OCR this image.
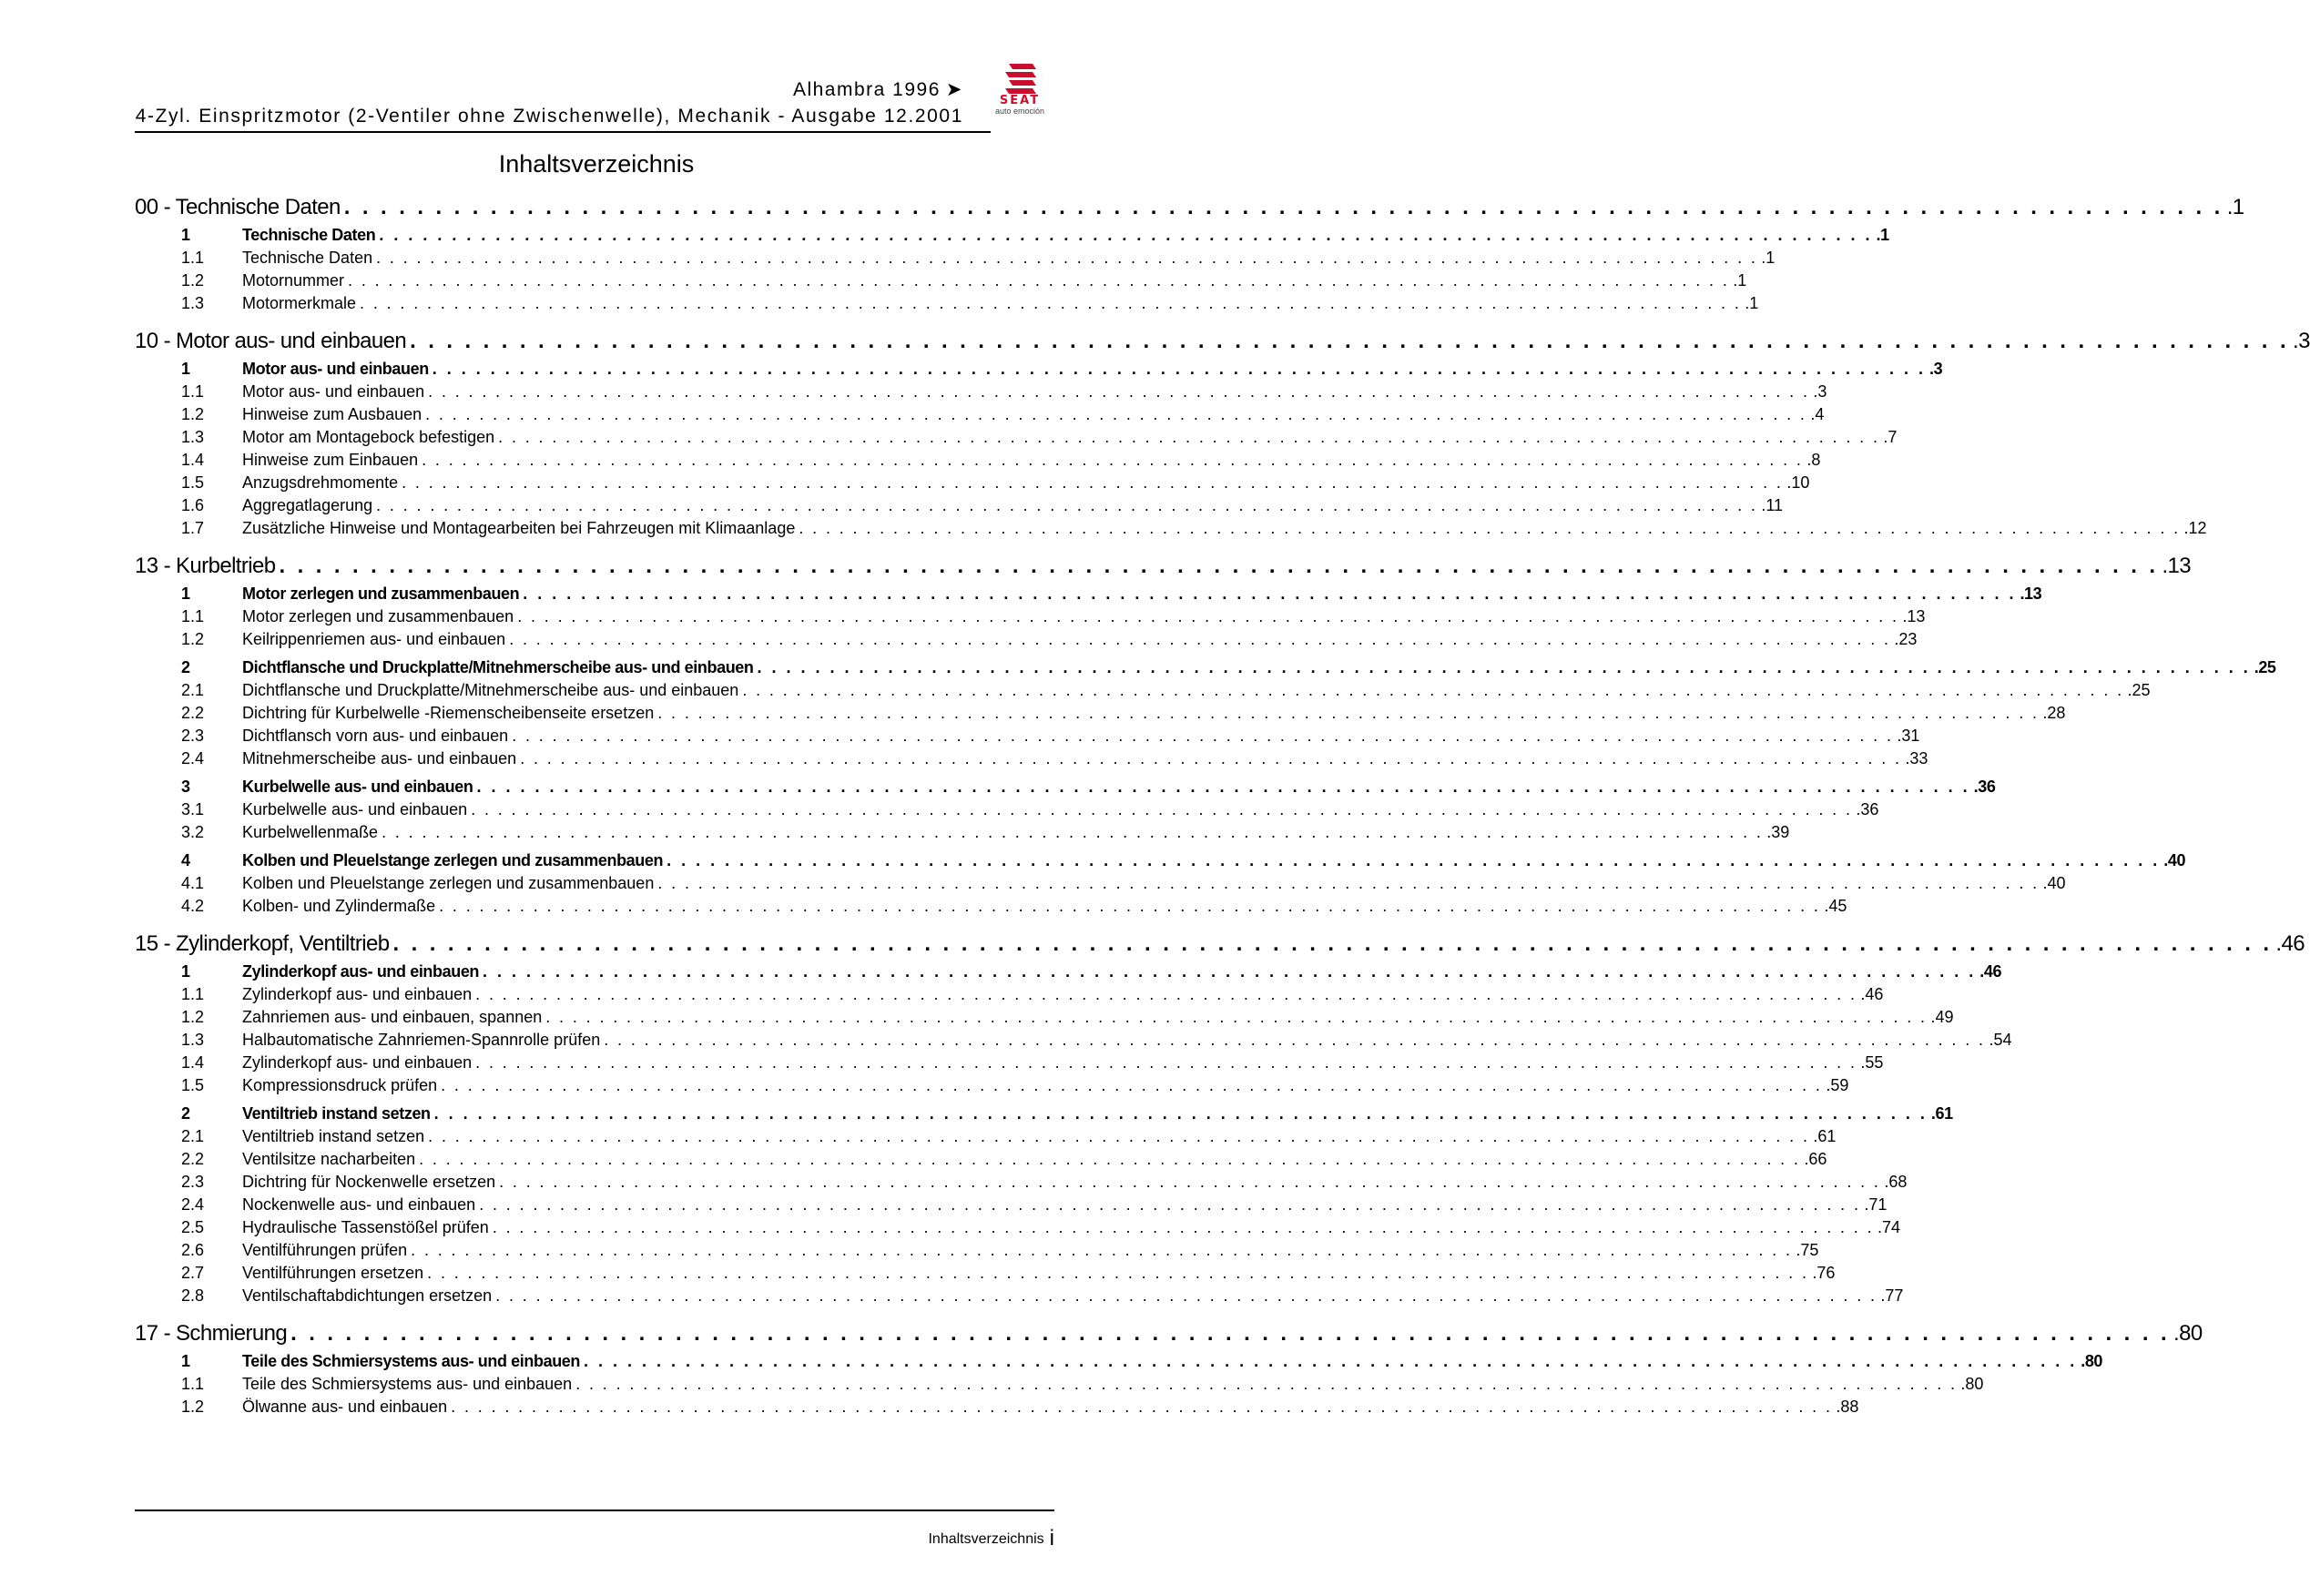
Alhambra 1996 ➤
4-Zyl. Einspritzmotor (2-Ventiler ohne Zwischenwelle), Mechanik - Ausgabe 12.2001
SEAT
auto emoción
Inhaltsverzeichnis
00 - Technische Daten . . . . . . . . . . . . . . . . . . . . . . . . . . . . . . . . . . . . . . . . . . . . . . . . . . . . . . . . . . . . . . . . . . . . . . . . . . . . . . . . . . . . . . . . . . . . . . . . . . . . . . . .1
1	Technische Daten . . . . . . . . . . . . . . . . . . . . . . . . . . . . . . . . . . . . . . . . . . . . . . . . . . . . . . . . . . . . . . . . . . . . . . . . . . . . . . . . . . . . . . . . . . . . . . . . . . . . . . . .1
1.1	Technische Daten . . . . . . . . . . . . . . . . . . . . . . . . . . . . . . . . . . . . . . . . . . . . . . . . . . . . . . . . . . . . . . . . . . . . . . . . . . . . . . . . . . . . . . . . . . . . . . . . . . . . . . . .1
1.2	Motornummer . . . . . . . . . . . . . . . . . . . . . . . . . . . . . . . . . . . . . . . . . . . . . . . . . . . . . . . . . . . . . . . . . . . . . . . . . . . . . . . . . . . . . . . . . . . . . . . . . . . . . . . .1
1.3	Motormerkmale . . . . . . . . . . . . . . . . . . . . . . . . . . . . . . . . . . . . . . . . . . . . . . . . . . . . . . . . . . . . . . . . . . . . . . . . . . . . . . . . . . . . . . . . . . . . . . . . . . . . . . . .1
10 - Motor aus- und einbauen . . . . . . . . . . . . . . . . . . . . . . . . . . . . . . . . . . . . . . . . . . . . . . . . . . . . . . . . . . . . . . . . . . . . . . . . . . . . . . . . . . . . . . . . . . . . . . . . . . . . . . . .3
1	Motor aus- und einbauen . . . . . . . . . . . . . . . . . . . . . . . . . . . . . . . . . . . . . . . . . . . . . . . . . . . . . . . . . . . . . . . . . . . . . . . . . . . . . . . . . . . . . . . . . . . . . . . . . . . . . . . .3
1.1	Motor aus- und einbauen . . . . . . . . . . . . . . . . . . . . . . . . . . . . . . . . . . . . . . . . . . . . . . . . . . . . . . . . . . . . . . . . . . . . . . . . . . . . . . . . . . . . . . . . . . . . . . . . . . . . . . . .3
1.2	Hinweise zum Ausbauen . . . . . . . . . . . . . . . . . . . . . . . . . . . . . . . . . . . . . . . . . . . . . . . . . . . . . . . . . . . . . . . . . . . . . . . . . . . . . . . . . . . . . . . . . . . . . . . . . . . . . . . .4
1.3	Motor am Montagebock befestigen . . . . . . . . . . . . . . . . . . . . . . . . . . . . . . . . . . . . . . . . . . . . . . . . . . . . . . . . . . . . . . . . . . . . . . . . . . . . . . . . . . . . . . . . . . . . . . . . . . . . . . . .7
1.4	Hinweise zum Einbauen . . . . . . . . . . . . . . . . . . . . . . . . . . . . . . . . . . . . . . . . . . . . . . . . . . . . . . . . . . . . . . . . . . . . . . . . . . . . . . . . . . . . . . . . . . . . . . . . . . . . . . . .8
1.5	Anzugsdrehmomente . . . . . . . . . . . . . . . . . . . . . . . . . . . . . . . . . . . . . . . . . . . . . . . . . . . . . . . . . . . . . . . . . . . . . . . . . . . . . . . . . . . . . . . . . . . . . . . . . . . . . . . .10
1.6	Aggregatlagerung . . . . . . . . . . . . . . . . . . . . . . . . . . . . . . . . . . . . . . . . . . . . . . . . . . . . . . . . . . . . . . . . . . . . . . . . . . . . . . . . . . . . . . . . . . . . . . . . . . . . . . . .11
1.7	Zusätzliche Hinweise und Montagearbeiten bei Fahrzeugen mit Klimaanlage . . . . . . . . . . . . . . . . . . . . . . . . . . . . . . . . . . . . . . . . . . . . . . . . . . . . . . . . . . . . . . . . . . . . . . . . . . . . . . . . . . . . . . . . . . . . . . . . . . . . . . . .12
13 - Kurbeltrieb . . . . . . . . . . . . . . . . . . . . . . . . . . . . . . . . . . . . . . . . . . . . . . . . . . . . . . . . . . . . . . . . . . . . . . . . . . . . . . . . . . . . . . . . . . . . . . . . . . . . . . . .13
1	Motor zerlegen und zusammenbauen . . . . . . . . . . . . . . . . . . . . . . . . . . . . . . . . . . . . . . . . . . . . . . . . . . . . . . . . . . . . . . . . . . . . . . . . . . . . . . . . . . . . . . . . . . . . . . . . . . . . . . . .13
1.1	Motor zerlegen und zusammenbauen . . . . . . . . . . . . . . . . . . . . . . . . . . . . . . . . . . . . . . . . . . . . . . . . . . . . . . . . . . . . . . . . . . . . . . . . . . . . . . . . . . . . . . . . . . . . . . . . . . . . . . . .13
1.2	Keilrippenriemen aus- und einbauen . . . . . . . . . . . . . . . . . . . . . . . . . . . . . . . . . . . . . . . . . . . . . . . . . . . . . . . . . . . . . . . . . . . . . . . . . . . . . . . . . . . . . . . . . . . . . . . . . . . . . . . .23
2	Dichtflansche und Druckplatte/Mitnehmerscheibe aus- und einbauen . . . . . . . . . . . . . . . . . . . . . . . . . . . . . . . . . . . . . . . . . . . . . . . . . . . . . . . . . . . . . . . . . . . . . . . . . . . . . . . . . . . . . . . . . . . . . . . . . . . . . . . .25
2.1	Dichtflansche und Druckplatte/Mitnehmerscheibe aus- und einbauen . . . . . . . . . . . . . . . . . . . . . . . . . . . . . . . . . . . . . . . . . . . . . . . . . . . . . . . . . . . . . . . . . . . . . . . . . . . . . . . . . . . . . . . . . . . . . . . . . . . . . . . .25
2.2	Dichtring für Kurbelwelle -Riemenscheibenseite ersetzen . . . . . . . . . . . . . . . . . . . . . . . . . . . . . . . . . . . . . . . . . . . . . . . . . . . . . . . . . . . . . . . . . . . . . . . . . . . . . . . . . . . . . . . . . . . . . . . . . . . . . . . .28
2.3	Dichtflansch vorn aus- und einbauen . . . . . . . . . . . . . . . . . . . . . . . . . . . . . . . . . . . . . . . . . . . . . . . . . . . . . . . . . . . . . . . . . . . . . . . . . . . . . . . . . . . . . . . . . . . . . . . . . . . . . . . .31
2.4	Mitnehmerscheibe aus- und einbauen . . . . . . . . . . . . . . . . . . . . . . . . . . . . . . . . . . . . . . . . . . . . . . . . . . . . . . . . . . . . . . . . . . . . . . . . . . . . . . . . . . . . . . . . . . . . . . . . . . . . . . . .33
3	Kurbelwelle aus- und einbauen . . . . . . . . . . . . . . . . . . . . . . . . . . . . . . . . . . . . . . . . . . . . . . . . . . . . . . . . . . . . . . . . . . . . . . . . . . . . . . . . . . . . . . . . . . . . . . . . . . . . . . . .36
3.1	Kurbelwelle aus- und einbauen . . . . . . . . . . . . . . . . . . . . . . . . . . . . . . . . . . . . . . . . . . . . . . . . . . . . . . . . . . . . . . . . . . . . . . . . . . . . . . . . . . . . . . . . . . . . . . . . . . . . . . . .36
3.2	Kurbelwellenmaße . . . . . . . . . . . . . . . . . . . . . . . . . . . . . . . . . . . . . . . . . . . . . . . . . . . . . . . . . . . . . . . . . . . . . . . . . . . . . . . . . . . . . . . . . . . . . . . . . . . . . . . .39
4	Kolben und Pleuelstange zerlegen und zusammenbauen . . . . . . . . . . . . . . . . . . . . . . . . . . . . . . . . . . . . . . . . . . . . . . . . . . . . . . . . . . . . . . . . . . . . . . . . . . . . . . . . . . . . . . . . . . . . . . . . . . . . . . . .40
4.1	Kolben und Pleuelstange zerlegen und zusammenbauen . . . . . . . . . . . . . . . . . . . . . . . . . . . . . . . . . . . . . . . . . . . . . . . . . . . . . . . . . . . . . . . . . . . . . . . . . . . . . . . . . . . . . . . . . . . . . . . . . . . . . . . .40
4.2	Kolben- und Zylindermaße . . . . . . . . . . . . . . . . . . . . . . . . . . . . . . . . . . . . . . . . . . . . . . . . . . . . . . . . . . . . . . . . . . . . . . . . . . . . . . . . . . . . . . . . . . . . . . . . . . . . . . . .45
15 - Zylinderkopf, Ventiltrieb . . . . . . . . . . . . . . . . . . . . . . . . . . . . . . . . . . . . . . . . . . . . . . . . . . . . . . . . . . . . . . . . . . . . . . . . . . . . . . . . . . . . . . . . . . . . . . . . . . . . . . . .46
1	Zylinderkopf aus- und einbauen . . . . . . . . . . . . . . . . . . . . . . . . . . . . . . . . . . . . . . . . . . . . . . . . . . . . . . . . . . . . . . . . . . . . . . . . . . . . . . . . . . . . . . . . . . . . . . . . . . . . . . . .46
1.1	Zylinderkopf aus- und einbauen . . . . . . . . . . . . . . . . . . . . . . . . . . . . . . . . . . . . . . . . . . . . . . . . . . . . . . . . . . . . . . . . . . . . . . . . . . . . . . . . . . . . . . . . . . . . . . . . . . . . . . . .46
1.2	Zahnriemen aus- und einbauen, spannen . . . . . . . . . . . . . . . . . . . . . . . . . . . . . . . . . . . . . . . . . . . . . . . . . . . . . . . . . . . . . . . . . . . . . . . . . . . . . . . . . . . . . . . . . . . . . . . . . . . . . . . .49
1.3	Halbautomatische Zahnriemen-Spannrolle prüfen . . . . . . . . . . . . . . . . . . . . . . . . . . . . . . . . . . . . . . . . . . . . . . . . . . . . . . . . . . . . . . . . . . . . . . . . . . . . . . . . . . . . . . . . . . . . . . . . . . . . . . . .54
1.4	Zylinderkopf aus- und einbauen . . . . . . . . . . . . . . . . . . . . . . . . . . . . . . . . . . . . . . . . . . . . . . . . . . . . . . . . . . . . . . . . . . . . . . . . . . . . . . . . . . . . . . . . . . . . . . . . . . . . . . . .55
1.5	Kompressionsdruck prüfen . . . . . . . . . . . . . . . . . . . . . . . . . . . . . . . . . . . . . . . . . . . . . . . . . . . . . . . . . . . . . . . . . . . . . . . . . . . . . . . . . . . . . . . . . . . . . . . . . . . . . . . .59
2	Ventiltrieb instand setzen . . . . . . . . . . . . . . . . . . . . . . . . . . . . . . . . . . . . . . . . . . . . . . . . . . . . . . . . . . . . . . . . . . . . . . . . . . . . . . . . . . . . . . . . . . . . . . . . . . . . . . . .61
2.1	Ventiltrieb instand setzen . . . . . . . . . . . . . . . . . . . . . . . . . . . . . . . . . . . . . . . . . . . . . . . . . . . . . . . . . . . . . . . . . . . . . . . . . . . . . . . . . . . . . . . . . . . . . . . . . . . . . . . .61
2.2	Ventilsitze nacharbeiten . . . . . . . . . . . . . . . . . . . . . . . . . . . . . . . . . . . . . . . . . . . . . . . . . . . . . . . . . . . . . . . . . . . . . . . . . . . . . . . . . . . . . . . . . . . . . . . . . . . . . . . .66
2.3	Dichtring für Nockenwelle ersetzen . . . . . . . . . . . . . . . . . . . . . . . . . . . . . . . . . . . . . . . . . . . . . . . . . . . . . . . . . . . . . . . . . . . . . . . . . . . . . . . . . . . . . . . . . . . . . . . . . . . . . . . .68
2.4	Nockenwelle aus- und einbauen . . . . . . . . . . . . . . . . . . . . . . . . . . . . . . . . . . . . . . . . . . . . . . . . . . . . . . . . . . . . . . . . . . . . . . . . . . . . . . . . . . . . . . . . . . . . . . . . . . . . . . . .71
2.5	Hydraulische Tassenstößel prüfen . . . . . . . . . . . . . . . . . . . . . . . . . . . . . . . . . . . . . . . . . . . . . . . . . . . . . . . . . . . . . . . . . . . . . . . . . . . . . . . . . . . . . . . . . . . . . . . . . . . . . . . .74
2.6	Ventilführungen prüfen . . . . . . . . . . . . . . . . . . . . . . . . . . . . . . . . . . . . . . . . . . . . . . . . . . . . . . . . . . . . . . . . . . . . . . . . . . . . . . . . . . . . . . . . . . . . . . . . . . . . . . . .75
2.7	Ventilführungen ersetzen . . . . . . . . . . . . . . . . . . . . . . . . . . . . . . . . . . . . . . . . . . . . . . . . . . . . . . . . . . . . . . . . . . . . . . . . . . . . . . . . . . . . . . . . . . . . . . . . . . . . . . . .76
2.8	Ventilschaftabdichtungen ersetzen . . . . . . . . . . . . . . . . . . . . . . . . . . . . . . . . . . . . . . . . . . . . . . . . . . . . . . . . . . . . . . . . . . . . . . . . . . . . . . . . . . . . . . . . . . . . . . . . . . . . . . . .77
17 - Schmierung . . . . . . . . . . . . . . . . . . . . . . . . . . . . . . . . . . . . . . . . . . . . . . . . . . . . . . . . . . . . . . . . . . . . . . . . . . . . . . . . . . . . . . . . . . . . . . . . . . . . . . . .80
1	Teile des Schmiersystems aus- und einbauen . . . . . . . . . . . . . . . . . . . . . . . . . . . . . . . . . . . . . . . . . . . . . . . . . . . . . . . . . . . . . . . . . . . . . . . . . . . . . . . . . . . . . . . . . . . . . . . . . . . . . . . .80
1.1	Teile des Schmiersystems aus- und einbauen . . . . . . . . . . . . . . . . . . . . . . . . . . . . . . . . . . . . . . . . . . . . . . . . . . . . . . . . . . . . . . . . . . . . . . . . . . . . . . . . . . . . . . . . . . . . . . . . . . . . . . . .80
1.2	Ölwanne aus- und einbauen . . . . . . . . . . . . . . . . . . . . . . . . . . . . . . . . . . . . . . . . . . . . . . . . . . . . . . . . . . . . . . . . . . . . . . . . . . . . . . . . . . . . . . . . . . . . . . . . . . . . . . . .88
Inhaltsverzeichnis i
